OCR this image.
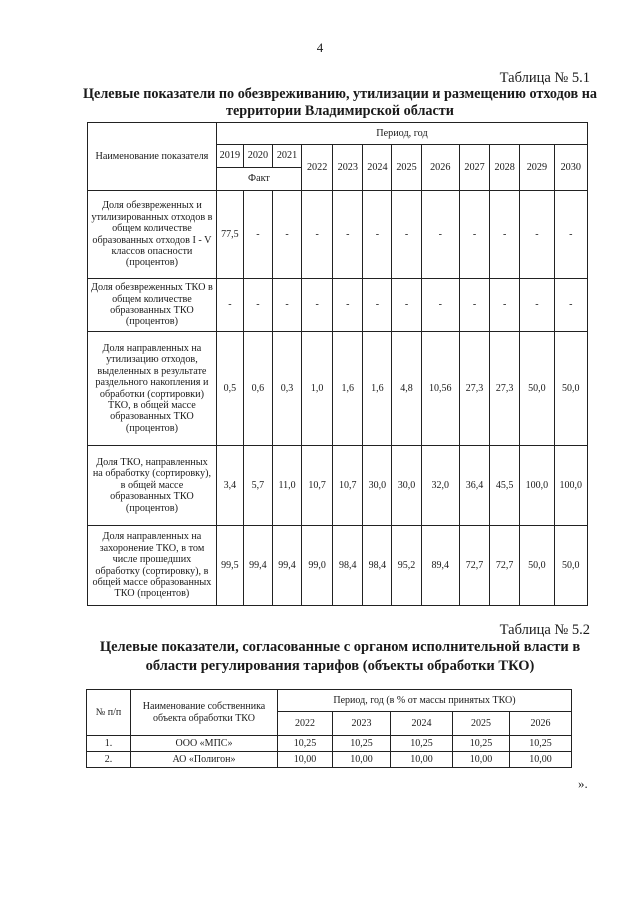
4
Таблица № 5.1
Целевые показатели по обезвреживанию, утилизации и размещению отходов на территории Владимирской области
Наименование показателя	Период, год											
	2019	2020	2021	2022	2023	2024	2025	2026	2027	2028	2029	2030
	Факт											
Доля обезвреженных и утилизированных отходов в общем количестве образованных отходов I - V классов опасности (процентов)	77,5	-	-	-	-	-	-	-	-	-	-	-
Доля обезвреженных ТКО в общем количестве образованных ТКО (процентов)	-	-	-	-	-	-	-	-	-	-	-	-
Доля направленных на утилизацию отходов, выделенных в результате раздельного накопления и обработки (сортировки) ТКО, в общей массе образованных ТКО (процентов)	0,5	0,6	0,3	1,0	1,6	1,6	4,8	10,56	27,3	27,3	50,0	50,0
Доля ТКО, направленных на обработку (сортировку), в общей массе образованных ТКО (процентов)	3,4	5,7	11,0	10,7	10,7	30,0	30,0	32,0	36,4	45,5	100,0	100,0
Доля направленных на захоронение ТКО, в том числе прошедших обработку (сортировку), в общей массе образованных ТКО (процентов)	99,5	99,4	99,4	99,0	98,4	98,4	95,2	89,4	72,7	72,7	50,0	50,0
Таблица № 5.2
Целевые показатели, согласованные с органом исполнительной власти в области регулирования тарифов (объекты обработки ТКО)
№ п/п	Наименование собственника объекта обработки ТКО	Период, год (в % от массы принятых ТКО)				
		2022	2023	2024	2025	2026
1.	ООО «МПС»	10,25	10,25	10,25	10,25	10,25
2.	АО «Полигон»	10,00	10,00	10,00	10,00	10,00
».
